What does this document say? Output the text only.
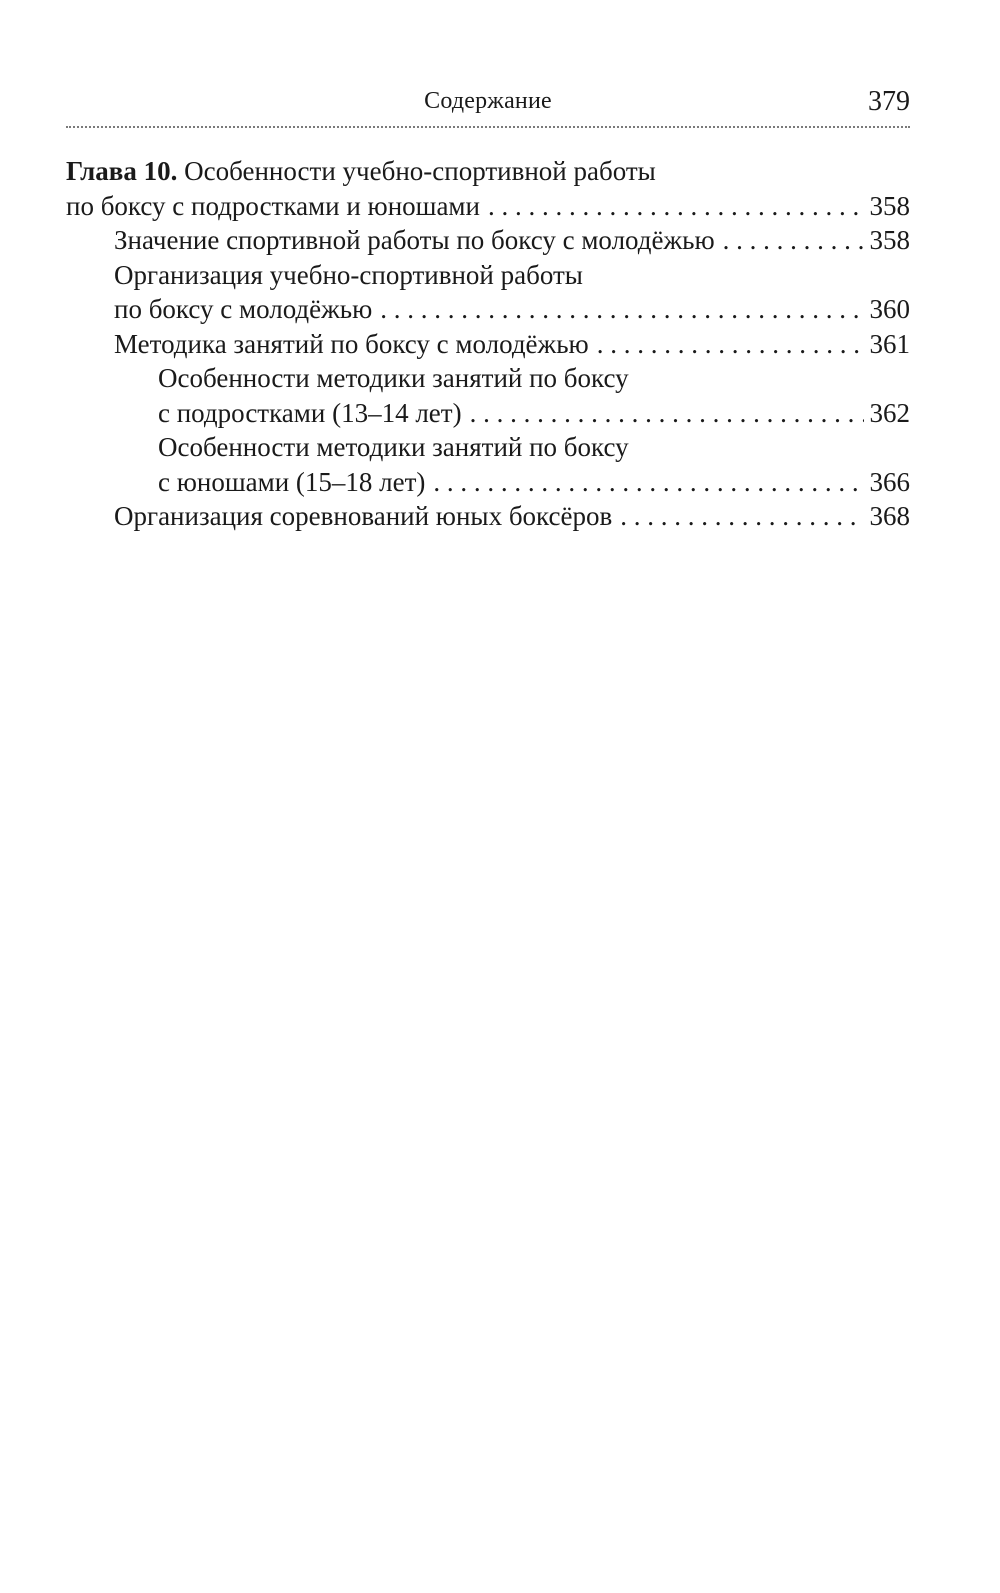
Содержание	379
Глава 10. Особенности учебно-спортивной работы
по боксу с подростками и юношами . . .	358
Значение спортивной работы по боксу с молодёжью . . .	358
Организация учебно-спортивной работы
по боксу с молодёжью . . .	360
Методика занятий по боксу с молодёжью . . .	361
Особенности методики занятий по боксу
с подростками (13–14 лет) . . .	362
Особенности методики занятий по боксу
с юношами (15–18 лет) . . .	366
Организация соревнований юных боксёров . . .	368
